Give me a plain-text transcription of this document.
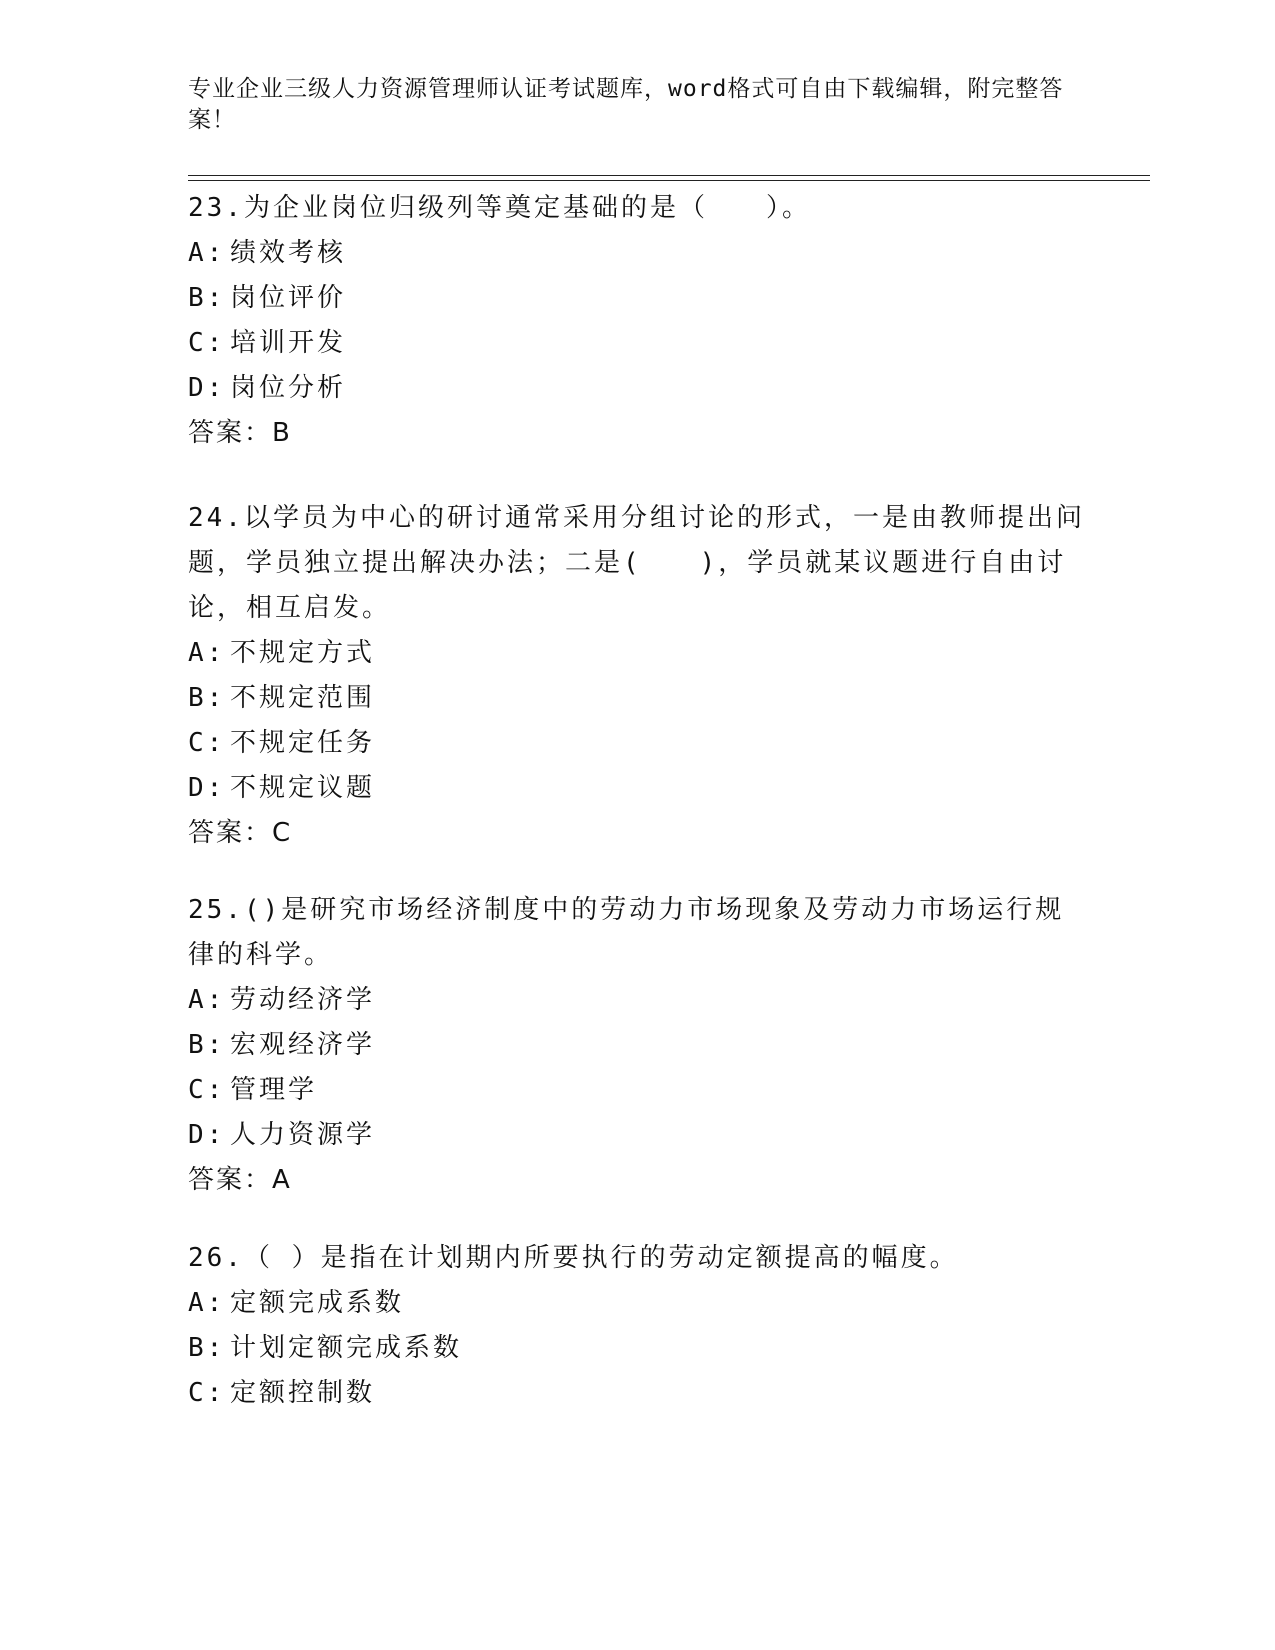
专业企业三级人力资源管理师认证考试题库，word格式可自由下载编辑，附完整答案！
23.为企业岗位归级列等奠定基础的是（　　）。
A: 绩效考核
B: 岗位评价
C: 培训开发
D: 岗位分析
答案：B
24.以学员为中心的研讨通常采用分组讨论的形式，一是由教师提出问题，学员独立提出解决办法；二是(　　)，学员就某议题进行自由讨论，相互启发。
A: 不规定方式
B: 不规定范围
C: 不规定任务
D: 不规定议题
答案：C
25.()是研究市场经济制度中的劳动力市场现象及劳动力市场运行规律的科学。
A: 劳动经济学
B: 宏观经济学
C: 管理学
D: 人力资源学
答案：A
26.（ ）是指在计划期内所要执行的劳动定额提高的幅度。
A: 定额完成系数
B: 计划定额完成系数
C: 定额控制数
